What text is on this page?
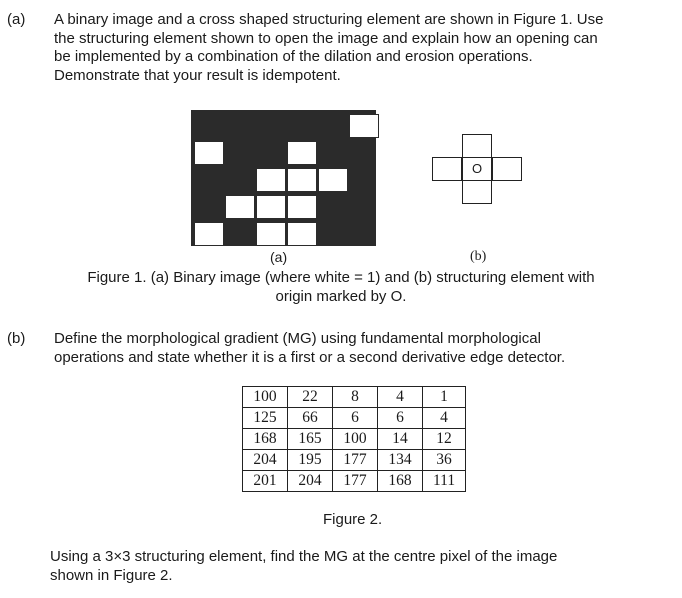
(a) A binary image and a cross shaped structuring element are shown in Figure 1. Use
the structuring element shown to open the image and explain how an opening can
be implemented by a combination of the dilation and erosion operations.
Demonstrate that your result is idempotent.
O
(a)	(b)
Figure 1. (a) Binary image (where white = 1) and (b) structuring element with
origin marked by O.
(b) Define the morphological gradient (MG) using fundamental morphological
operations and state whether it is a first or a second derivative edge detector.
100	22	8	4	1
125	66	6	6	4
168	165	100	14	12
204	195	177	134	36
201	204	177	168	111
Figure 2.
Using a 3×3 structuring element, find the MG at the centre pixel of the image
shown in Figure 2.
